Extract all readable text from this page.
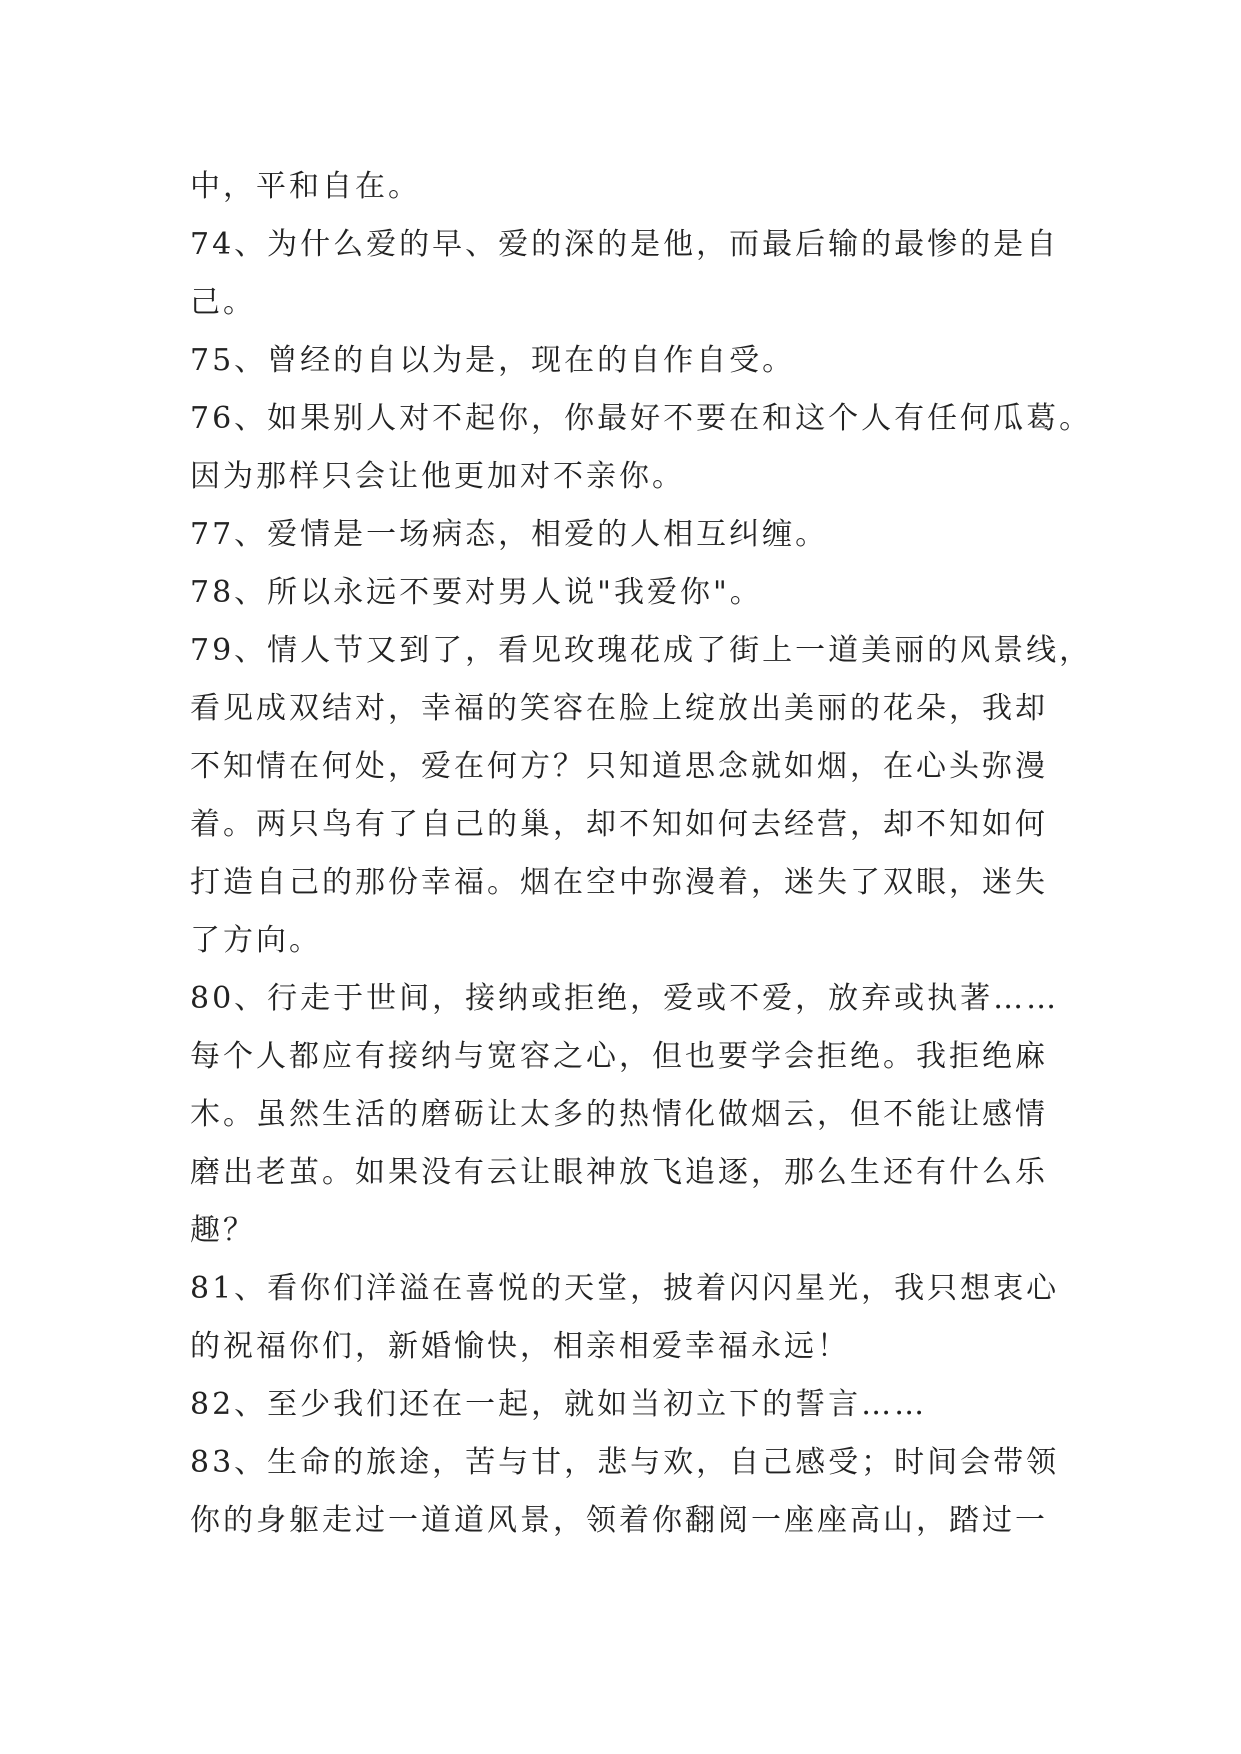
中，平和自在。
74、为什么爱的早、爱的深的是他，而最后输的最惨的是自
己。
75、曾经的自以为是，现在的自作自受。
76、如果别人对不起你，你最好不要在和这个人有任何瓜葛。
因为那样只会让他更加对不亲你。
77、爱情是一场病态，相爱的人相互纠缠。
78、所以永远不要对男人说"我爱你"。
79、情人节又到了，看见玫瑰花成了街上一道美丽的风景线，
看见成双结对，幸福的笑容在脸上绽放出美丽的花朵，我却
不知情在何处，爱在何方？只知道思念就如烟，在心头弥漫
着。两只鸟有了自己的巢，却不知如何去经营，却不知如何
打造自己的那份幸福。烟在空中弥漫着，迷失了双眼，迷失
了方向。
80、行走于世间，接纳或拒绝，爱或不爱，放弃或执著……
每个人都应有接纳与宽容之心，但也要学会拒绝。我拒绝麻
木。虽然生活的磨砺让太多的热情化做烟云，但不能让感情
磨出老茧。如果没有云让眼神放飞追逐，那么生还有什么乐
趣？
81、看你们洋溢在喜悦的天堂，披着闪闪星光，我只想衷心
的祝福你们，新婚愉快，相亲相爱幸福永远！
82、至少我们还在一起，就如当初立下的誓言……
83、生命的旅途，苦与甘，悲与欢，自己感受；时间会带领
你的身躯走过一道道风景，领着你翻阅一座座高山，踏过一
